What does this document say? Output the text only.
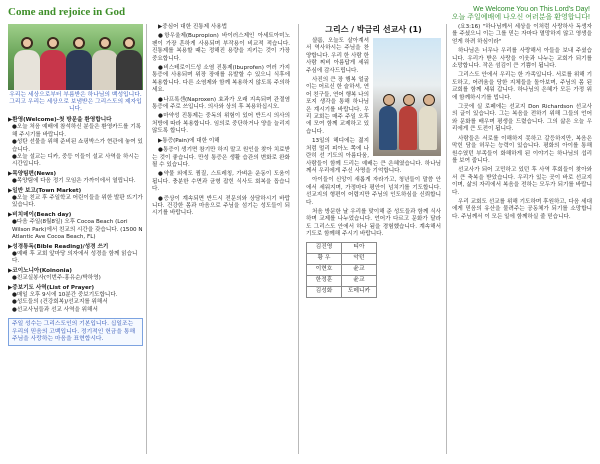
Come and rejoice in God	We Welcome You on This Lord's Day!
오늘 주일예배에 나오신 여러분을 환영합니다!
우리는 세상으로부터 부름받은 하나님의 백성입니다. 그리고 우리는 세상으로 보냄받은 그리스도의 제자입니다.
▶환영(Welcome)-첫 방문을 환영합니다
●오늘 처음 예배에 참석하신 분들은 환영카드를 기록해 주시기를 바랍니다.
●성탄 선물을 위해 준비된 쇼핑박스가 현관에 놓여 있습니다.
●오늘 설교는 디카, 중등 이들이 설교 사역을 하시는 시간입니다.
▶목양팀편(News)
●목양팀에 다음 정기 모임은 가까이에서 열립니다.
▶일반 보고(Town Market)
●오늘 친교 후 주일학교 어린이들을 위한 발판 뜨기가 있습니다.
▶비치데이(Beach day)
●다음 주일(8월8일) 오후 Cocoa Beach (Lori Wilson Park)에서 친교의 시간을 갖습니다. (1500 N Atlantic Ave Cocoa Beach, FL)
▶성경통독(Bible Reading)/성경 쓰기
●예배 후 교회 앞마당 의자에서 성경을 함께 읽습니다.
▶코이노니아(Koinonia)
●친교실봉사(이번주-홍유순/박하영)
▶중보기도 사역(List of Prayer)
●매일 오후 9시에 10분간 중보기도합니다.
●성도들의 (건강회복)/선교지를 위해서
●선교사님들과 선교 사역을 위해서
주일 성수는 그리스도인의 기본입니다. 십일조는 우리의 믿음의 고백입니다. 정기적인 헌금을 통해 주님을 사랑하는 마음을 표현합시다.
▶중심어 대한 진통제 사용법
●항우울제(Bupropion) 바이러스제인 아세트아미노펜이 가장 흔하게 사용되며 부작용이 비교적 적습니다. 진통제를 복용할 때는 정해진 용량을 지키는 것이 가장 중요합니다.
●비스테로이드성 소염 진통제(Ibuprofen) 여러 가지 통증에 사용되며 위장 장애를 유발할 수 있으니 식후에 복용합니다. 다른 소염제와 함께 복용하지 않도록 주의하세요.
●나프록센(Naproxen) 효과가 오래 지속되며 관절염 통증에 주로 쓰입니다. 의사와 상의 후 복용하십시오.
●마약성 진통제는 중독의 위험이 있어 반드시 의사의 처방에 따라 복용합니다. 임의로 중단하거나 양을 늘리지 않도록 합니다.
▶통증(Pain)에 대한 이해
●통증이 생기면 참기만 하지 말고 원인을 찾아 치료받는 것이 좋습니다. 만성 통증은 생활 습관의 변화로 완화될 수 있습니다.
●약물 외에도 찜질, 스트레칭, 가벼운 운동이 도움이 됩니다. 충분한 수면과 균형 잡힌 식사도 회복을 돕습니다.
●증상이 계속되면 반드시 전문의와 상담하시기 바랍니다. 건강한 몸과 마음으로 주님을 섬기는 성도들이 되시기를 바랍니다.
그리스 / 박금리 선교사 (1)
샬롬, 오늘도 살아계셔서 역사하시는 주님을 찬양합니다. 우리 한 사람 한 사람 찌비 아름답게 세워주심에 감사드립니다.
사진의 큰 장 행복 얼굴 이는 어르신 한 슬하셔, 연어 친구들, 연어 행복 나의 포지 생각을 통해 하나님 은 계시기를 바랍니다. 우리 교회는 매주 주일 오후에 모여 함께 교제하고 있습니다.
13일의 헤디에는 젊지 처럼 멀리 피아노 쪽에 나란히 선 기도의 아름다움, 사람들이 함께 드리는 예배는 큰 은혜였습니다. 하나님께서 우리에게 주신 사명을 기억합니다.
아이들이 신앙이 새롭게 자라가고, 청년들이 말씀 안에서 세워지며, 가정마다 평안이 넘치기를 기도합니다. 선교지의 형편이 어렵지만 주님의 인도하심을 신뢰합니다.
처음 방문한 날 우리를 맞이해 준 성도들과 함께 식사하며 교제를 나누었습니다. 언어가 다르고 문화가 달라도 그리스도 안에서 하나 됨을 경험했습니다. 계속해서 기도로 함께해 주시기 바랍니다.
김진영	티아
황 우	악턴
이현호	윤교
한정훈	윤교
김성화	도메니카
(요3:16) "하나님께서 세상을 이처럼 사랑하사 독생자를 주셨으니 이는 그를 믿는 자마다 멸망하지 않고 영생을 얻게 하려 하심이라"
하나님은 너무나 우리를 사랑해서 아들을 보내 주셨습니다. 우리가 받은 사랑을 이웃과 나누는 교회가 되기를 소망합니다. 작은 섬김이 큰 기쁨이 됩니다.
그리스도 안에서 우리는 한 가족입니다. 서로를 위해 기도하고, 어려움을 당한 지체들을 돌아보며, 주님의 몸 된 교회를 함께 세워 갑니다. 하나님의 은혜가 모든 가정 위에 함께하시기를 빕니다.
그곳에 실 로페에는 선교지 Don Richardson 선교사의 글이 있습니다. 그는 복음을 전하기 위해 그들의 언어와 문화를 배우며 평생을 드렸습니다. 그의 삶은 오늘 우리에게 큰 도전이 됩니다.
사람들은 서로를 이해하지 못하고 갈등하지만, 복음은 막힌 담을 허무는 능력이 있습니다. 평화의 아이를 통해 원수였던 부족들이 화해하게 된 이야기는 하나님의 섭리를 보여 줍니다.
선교사가 되어 고민하고 있던 후 사역 후회들이 찾아와서 큰 축복을 받았습니다. 우리가 있는 곳이 바로 선교지이며, 삶의 자리에서 복음을 전하는 모두가 되기를 바랍니다.
우리 교회도 선교를 위해 기도하며 후원하고, 다음 세대에게 믿음의 유산을 물려주는 공동체가 되기를 소망합니다. 주님께서 이 모든 일에 함께하실 줄 믿습니다.
